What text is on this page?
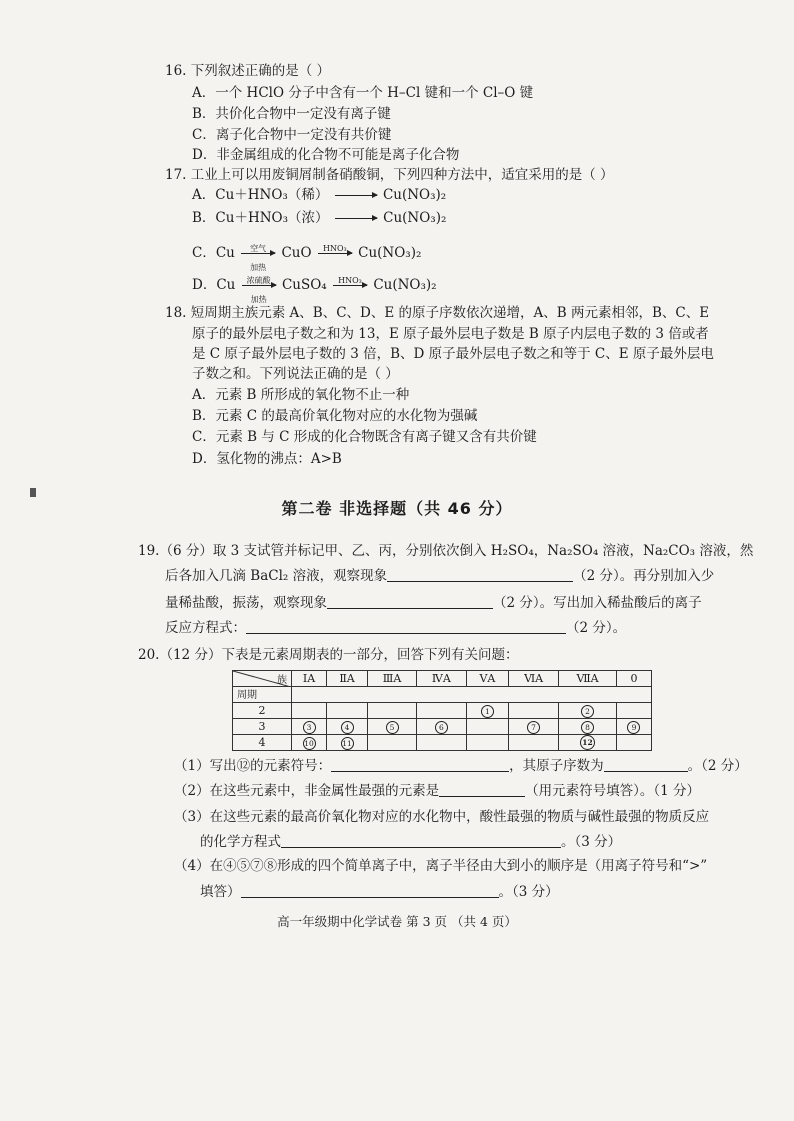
16. 下列叙述正确的是（ ）
A．一个 HClO 分子中含有一个 H–Cl 键和一个 Cl–O 键
B．共价化合物中一定没有离子键
C．离子化合物中一定没有共价键
D．非金属组成的化合物不可能是离子化合物
17. 工业上可以用废铜屑制备硝酸铜，下列四种方法中，适宜采用的是（ ）
A．Cu＋HNO₃（稀） → Cu(NO₃)₂
B．Cu＋HNO₃（浓） → Cu(NO₃)₂
C．Cu	空气
加热
CuO	HNO₃ Cu(NO₃)₂
D．Cu	浓硫酸
加热
CuSO₄	HNO₃ Cu(NO₃)₂
18. 短周期主族元素 A、B、C、D、E 的原子序数依次递增，A、B 两元素相邻，B、C、E
原子的最外层电子数之和为 13，E 原子最外层电子数是 B 原子内层电子数的 3 倍或者
是 C 原子最外层电子数的 3 倍，B、D 原子最外层电子数之和等于 C、E 原子最外层电
子数之和。下列说法正确的是（ ）
A．元素 B 所形成的氧化物不止一种
B．元素 C 的最高价氧化物对应的水化物为强碱
C．元素 B 与 C 形成的化合物既含有离子键又含有共价键
D．氢化物的沸点：A>B
第二卷 非选择题（共 46 分）
19.（6 分）取 3 支试管并标记甲、乙、丙，分别依次倒入 H₂SO₄，Na₂SO₄ 溶液，Na₂CO₃ 溶液，然
后各加入几滴 BaCl₂ 溶液，观察现象	（2 分）。再分别加入少
量稀盐酸，振荡，观察现象	（2 分）。写出加入稀盐酸后的离子
反应方程式：	（2 分）。
20.（12 分）下表是元素周期表的一部分，回答下列有关问题：
族	ⅠA	ⅡA	ⅢA	ⅣA	ⅤA	ⅥA	ⅦA	0

周期								

2					1		2	
3	3	4	5	6		7	8	9
4	10	11					12	
（1）写出⑫的元素符号：	，其原子序数为	。（2 分）
（2）在这些元素中，非金属性最强的元素是	（用元素符号填答）。（1 分）
（3）在这些元素的最高价氧化物对应的水化物中，酸性最强的物质与碱性最强的物质反应
的化学方程式	。（3 分）
（4）在④⑤⑦⑧形成的四个简单离子中，离子半径由大到小的顺序是（用离子符号和“>”
填答）	。（3 分）
高一年级期中化学试卷 第 3 页 （共 4 页）
